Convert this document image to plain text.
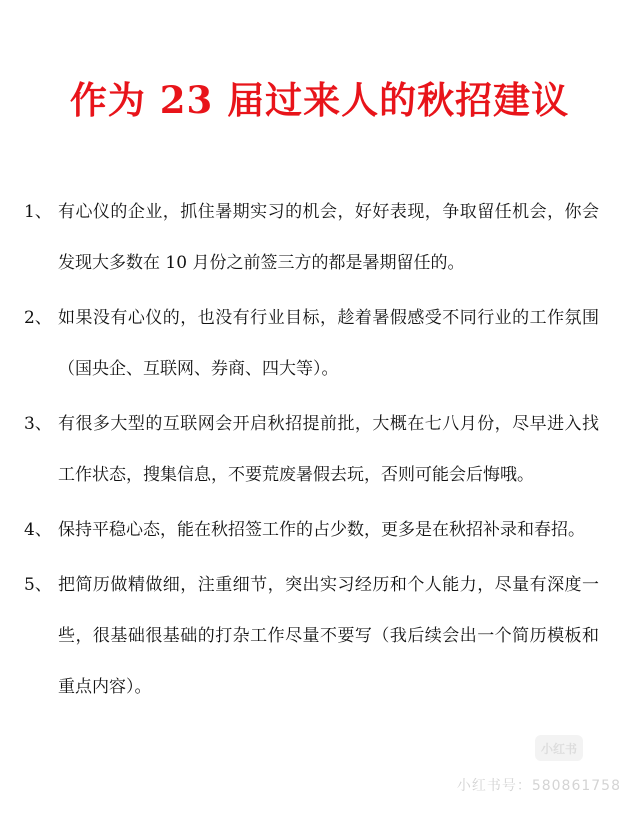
作为 23 届过来人的秋招建议
1、 有心仪的企业，抓住暑期实习的机会，好好表现，争取留任机会，你会发现大多数在 10 月份之前签三方的都是暑期留任的。
2、 如果没有心仪的，也没有行业目标，趁着暑假感受不同行业的工作氛围（国央企、互联网、券商、四大等）。
3、 有很多大型的互联网会开启秋招提前批，大概在七八月份，尽早进入找工作状态，搜集信息，不要荒废暑假去玩，否则可能会后悔哦。
4、 保持平稳心态，能在秋招签工作的占少数，更多是在秋招补录和春招。
5、 把简历做精做细，注重细节，突出实习经历和个人能力，尽量有深度一些，很基础很基础的打杂工作尽量不要写（我后续会出一个简历模板和重点内容）。
小红书
小红书号：580861758
